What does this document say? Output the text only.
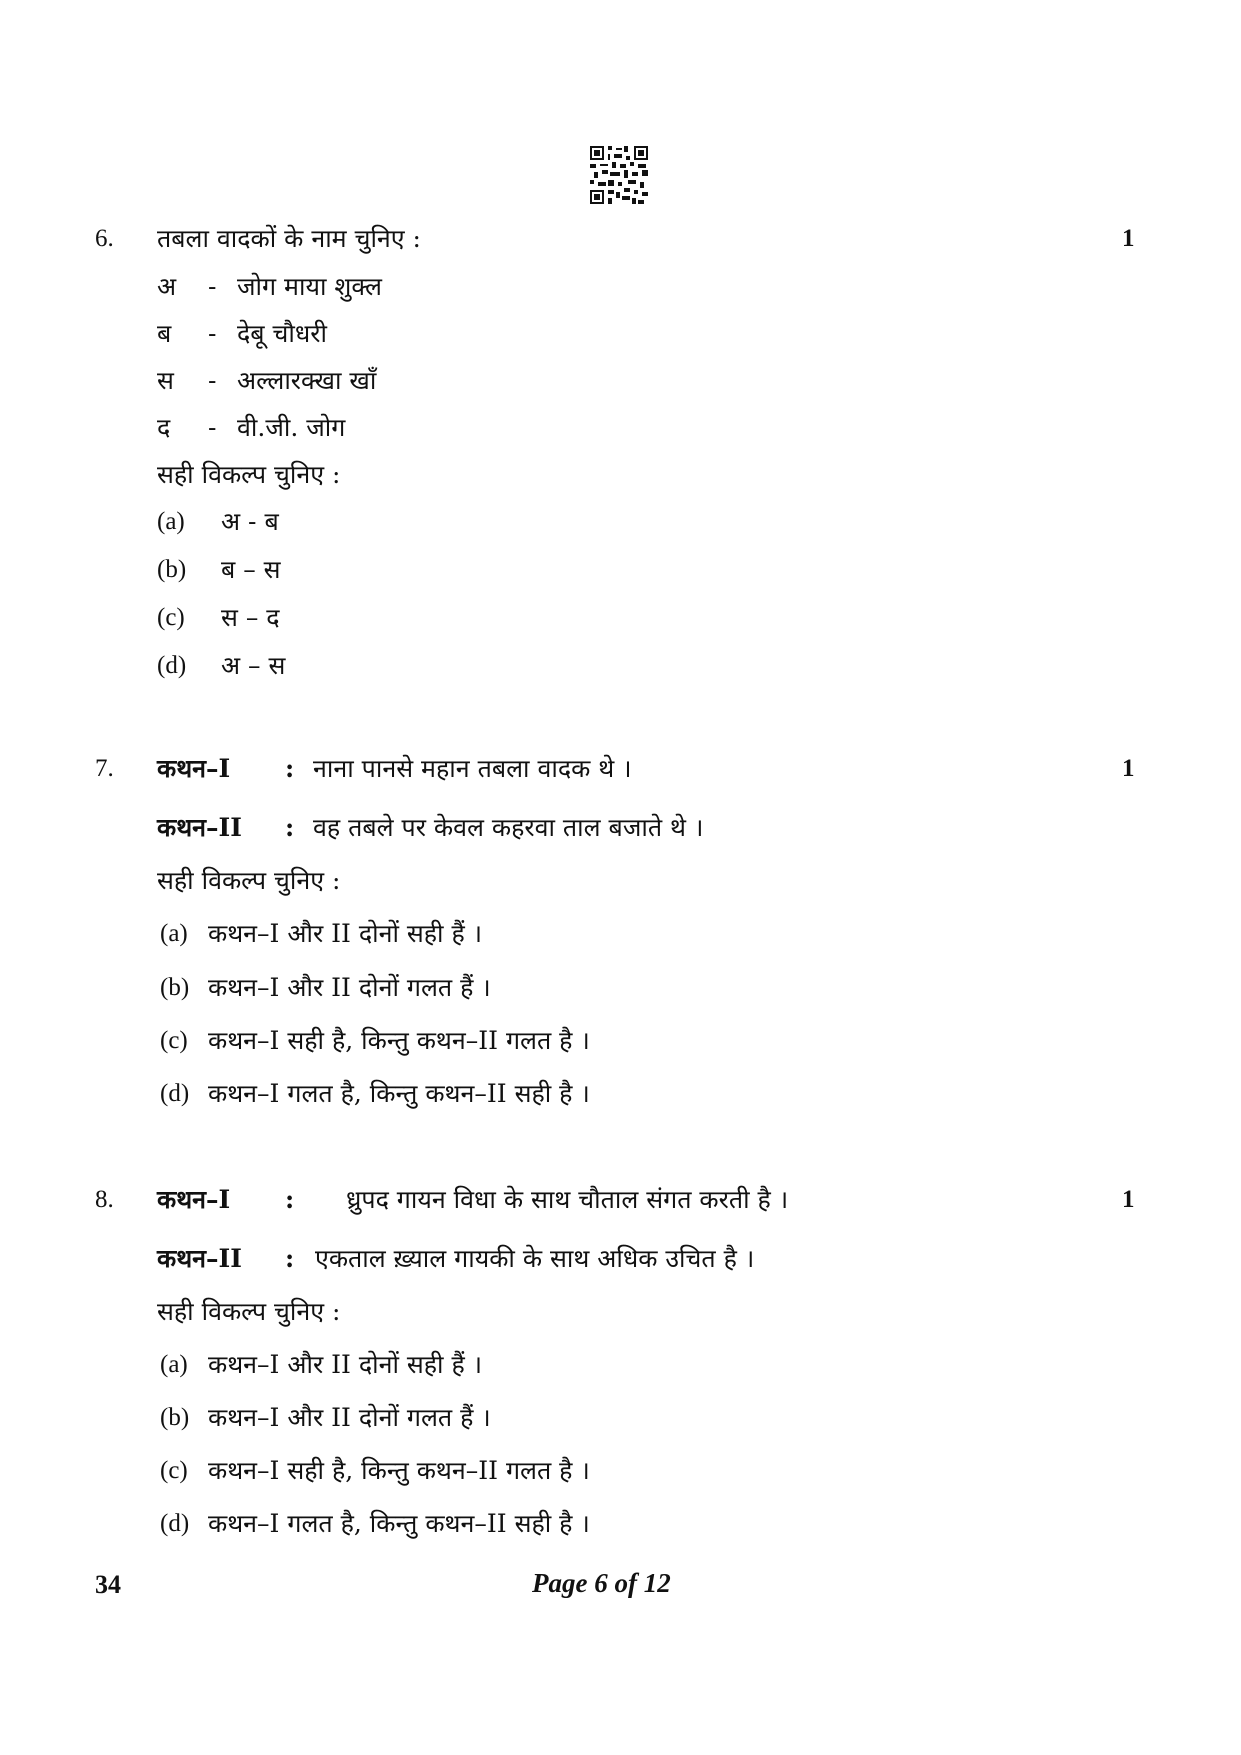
6. तबला वादकों के नाम चुनिए :	1
अ - जोग माया शुक्ल
ब - देबू चौधरी
स - अल्लारक्खा खाँ
द - वी.जी. जोग
सही विकल्प चुनिए :
(a) अ - ब
(b) ब – स
(c) स – द
(d) अ – स
7. कथन–I : नाना पानसे महान तबला वादक थे ।	1
कथन–II : वह तबले पर केवल कहरवा ताल बजाते थे ।
सही विकल्प चुनिए :
(a) कथन–I और II दोनों सही हैं ।
(b) कथन–I और II दोनों गलत हैं ।
(c) कथन–I सही है, किन्तु कथन–II गलत है ।
(d) कथन–I गलत है, किन्तु कथन–II सही है ।
8. कथन–I : ध्रुपद गायन विधा के साथ चौताल संगत करती है ।	1
कथन–II : एकताल ख़्याल गायकी के साथ अधिक उचित है ।
सही विकल्प चुनिए :
(a) कथन–I और II दोनों सही हैं ।
(b) कथन–I और II दोनों गलत हैं ।
(c) कथन–I सही है, किन्तु कथन–II गलत है ।
(d) कथन–I गलत है, किन्तु कथन–II सही है ।
34	Page 6 of 12
